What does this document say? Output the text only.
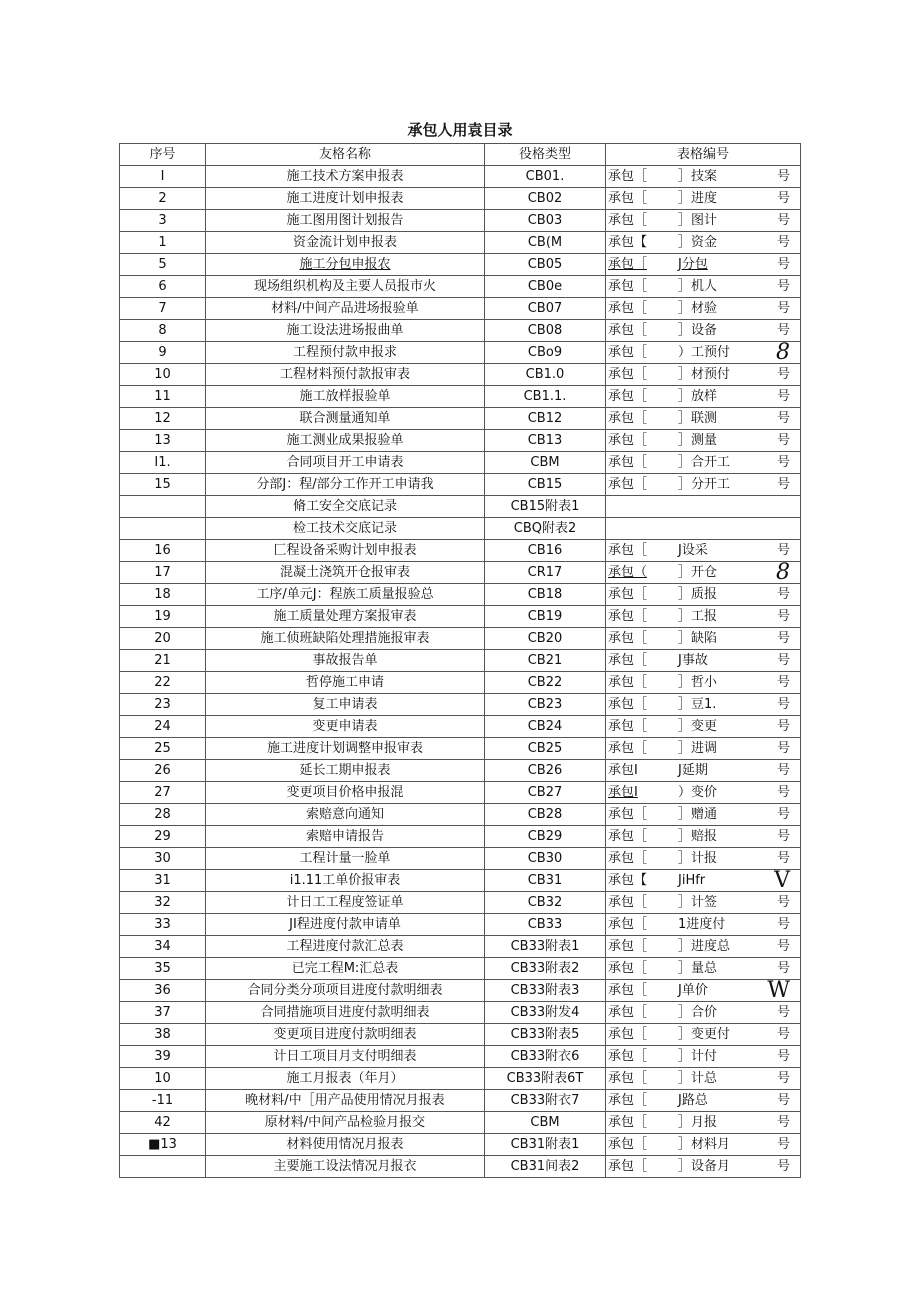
承包人用袁目录
序号	友格名称	役格类型	表格编号
I	施工技术方案申报表	CB01.	承包［ ］技案 号

2	施工进度计划申报表	CB02	承包［ ］进度 号

3	施工图用图计划报告	CB03	承包［ ］图计 号

1	资金流计划申报表	CB(M	承包【 ］资金 号

5	施工分包申报农	CB05	承包［ J分包 号

6	现场组织机构及主要人员报市火	CB0e	承包［ ］机人 号

7	材料/中间产品进场报验单	CB07	承包［ ］材验 号

8	施工设法进场报曲单	CB08	承包［ ］设备 号

9	工程预付款申报求	CBo9	承包［ ）工预付 8

10	工程材料预付款报审表	CB1.0	承包［ ］材预付 号

11	施工放样报验单	CB1.1.	承包［ ］放样 号

12	联合测量通知单	CB12	承包［ ］联测 号

13	施工测业成果报验单	CB13	承包［ ］测量 号

I1.	合同项目开工申请表	CBM	承包［ ］合开工 号

15	分部J：程/部分工作开工申请我	CB15	承包［ ］分开工 号

	脩工安全交底记录	CB15附表1	

	检工技术交底记录	CBQ附表2	

16	匚程设备采购计划申报表	CB16	承包［ J设采 号

17	混凝土浇筑开仓报审表	CR17	承包（ ］开仓 8

18	工序/单元J：程族工质量报验总	CB18	承包［ ］质报 号

19	施工质量处理方案报审表	CB19	承包［ ］工报 号

20	施工侦班缺陷处理措施报审表	CB20	承包［ ］缺陷 号

21	事故报告单	CB21	承包［ J事故 号

22	哲停施工申请	CB22	承包［ ］哲小 号

23	复工申请表	CB23	承包［ ］豆1. 号

24	变更申请表	CB24	承包［ ］变更 号

25	施工进度计划调整申报审表	CB25	承包［ ］进调 号

26	延长工期申报表	CB26	承包I J延期 号

27	变更项目价格申报混	CB27	承包I ）变价 号

28	索赔意向通知	CB28	承包［ ］赠通 号

29	索赔申请报告	CB29	承包［ ］赔报 号

30	工程计量一脸单	CB30	承包［ ］计报 号

31	i1.11工单价报审表	CB31	承包【 JiHfr V

32	计日工工程度签证单	CB32	承包［ ］计签 号

33	JI程进度付款申请单	CB33	承包［ 1进度付 号

34	工程进度付款汇总表	CB33附表1	承包［ ］进度总 号

35	已完工程M:汇总表	CB33附表2	承包［ ］量总 号

36	合同分类分项项目进度付款明细表	CB33附表3	承包［ J单价 W

37	合同措施项目进度付款明细表	CB33附发4	承包［ ］合价 号

38	变更项目进度付款明细表	CB33附表5	承包［ ］变更付 号

39	计日工项目月支付明细表	CB33附衣6	承包［ ］计付 号

10	施工月报表（年月）	CB33附表6T	承包［ ］计总 号

-11	晚材料/中［用产品使用情况月报表	CB33附衣7	承包［ J路总 号

42	原材料/中间产品检验月报交	CBM	承包［ ］月报 号

■13	材料使用情况月报表	CB31附表1	承包［ ］材料月 号

	主要施工设法情况月报衣	CB31间表2	承包［ ］设备月 号
